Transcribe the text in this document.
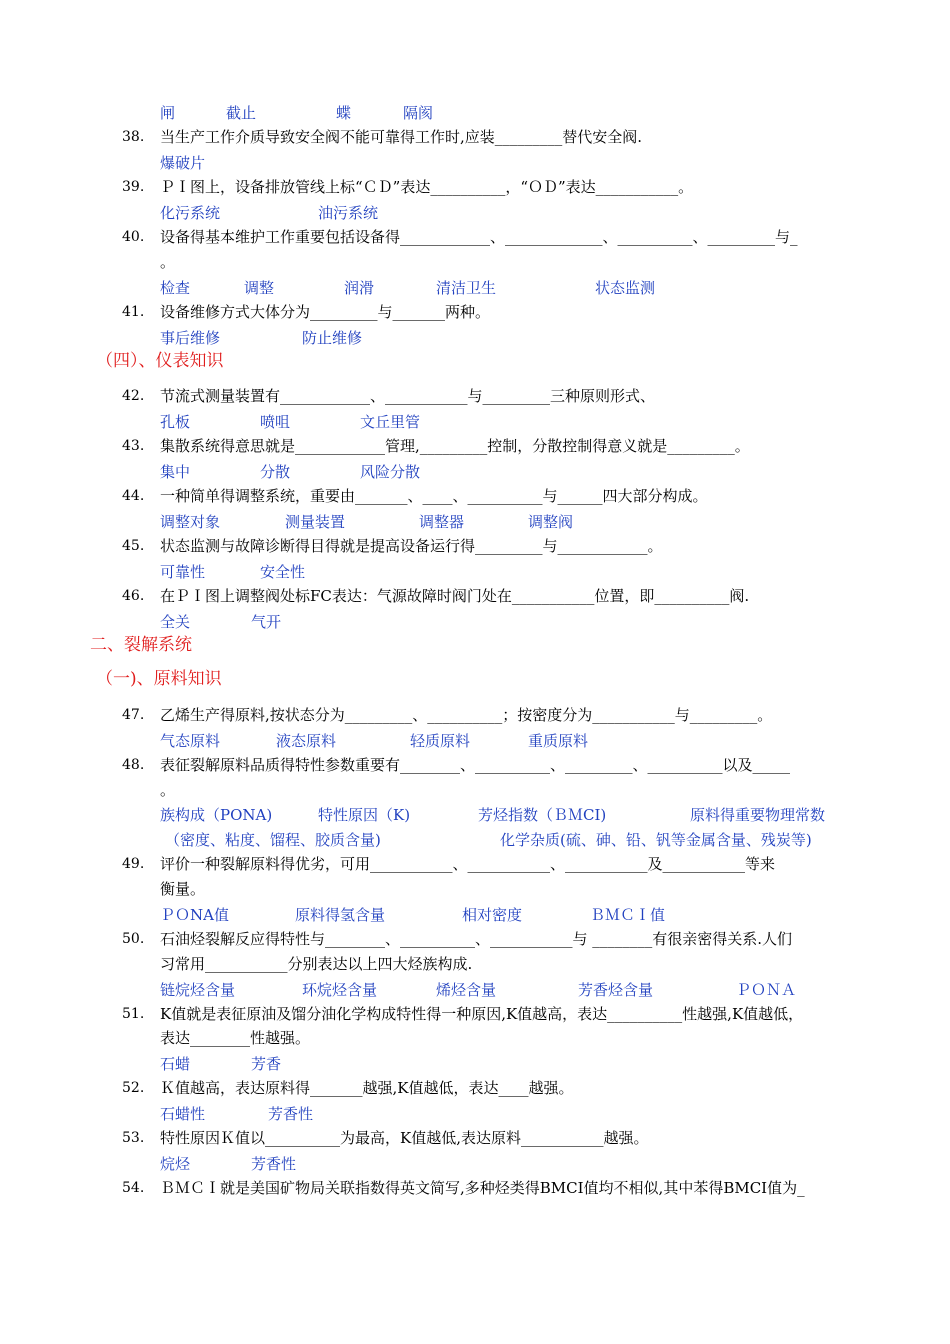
闸	截止	蝶	隔阂
38. 当生产工作介质导致安全阀不能可靠得工作时,应装_________替代安全阀.
爆破片
39. ＰＩ图上，设备排放管线上标“ＣＤ”表达__________，“ＯＤ”表达___________。
化污系统	油污系统
40. 设备得基本维护工作重要包括设备得____________、_____________、__________、_________与_
。
检查	调整	润滑	清洁卫生	状态监测
41. 设备维修方式大体分为_________与_______两种。
事后维修	防止维修
（四）、仪表知识
42. 节流式测量装置有____________、___________与_________三种原则形式、
孔板	喷咀	文丘里管
43. 集散系统得意思就是____________管理,_________控制，分散控制得意义就是_________。
集中	分散	风险分散
44. 一种简单得调整系统，重要由_______、____、__________与______四大部分构成。
调整对象	测量装置	调整器	调整阀
45. 状态监测与故障诊断得目得就是提高设备运行得_________与____________。
可靠性	安全性
46. 在ＰＩ图上调整阀处标FC表达：气源故障时阀门处在___________位置，即__________阀.
全关	气开
二、裂解系统
（一)、原料知识
47. 乙烯生产得原料,按状态分为_________、__________；按密度分为___________与_________。
气态原料	液态原料	轻质原料	重质原料
48. 表征裂解原料品质得特性参数重要有________、__________、_________、__________以及_____
。
族构成（PONA)	特性原因（K)	芳烃指数（ＢＭCI)	原料得重要物理常数
（密度、粘度、馏程、胶质含量)	化学杂质(硫、砷、铅、钒等金属含量、残炭等)
49. 评价一种裂解原料得优劣，可用___________、___________、___________及___________等来
衡量。
ＰＯNA值	原料得氢含量	相对密度	ＢＭＣＩ值
50. 石油烃裂解反应得特性与________、__________、___________与 ________有很亲密得关系.人们
习常用___________分别表达以上四大烃族构成.
链烷烃含量	环烷烃含量	烯烃含量	芳香烃含量	ＰＯＮＡ
51. K值就是表征原油及馏分油化学构成特性得一种原因,K值越高，表达__________性越强,K值越低，
表达________性越强。
石蜡	芳香
52. Ｋ值越高，表达原料得_______越强,K值越低，表达____越强。
石蜡性	芳香性
53. 特性原因Ｋ值以__________为最高，K值越低,表达原料___________越强。
烷烃	芳香性
54. ＢＭＣＩ就是美国矿物局关联指数得英文简写,多种烃类得BMCI值均不相似,其中苯得BMCI值为_
